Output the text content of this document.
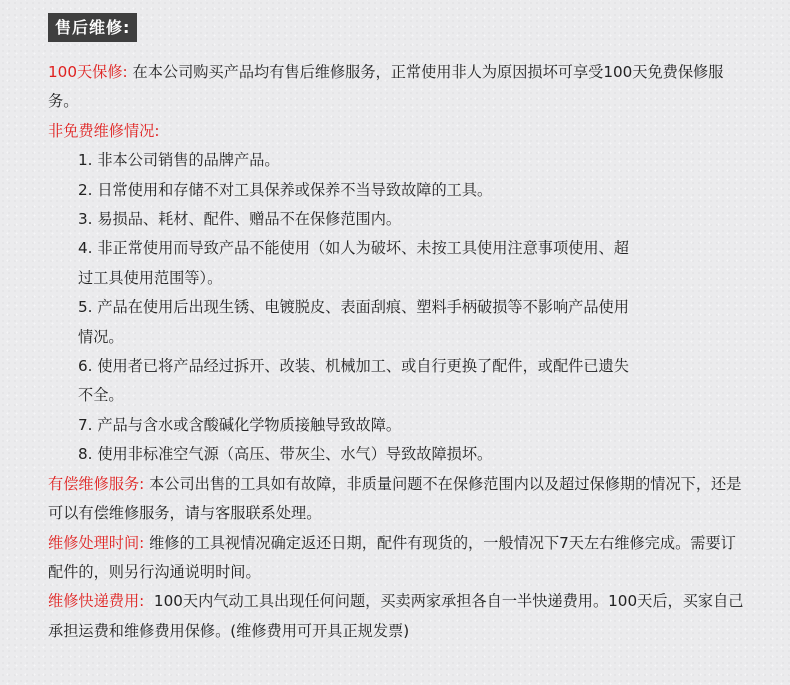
售后维修:

100天保修: 在本公司购买产品均有售后维修服务，正常使用非人为原因损坏可享受100天免费保修服务。

非免费维修情况:

1. 非本公司销售的品牌产品。
2. 日常使用和存储不对工具保养或保养不当导致故障的工具。
3. 易损品、耗材、配件、赠品不在保修范围内。
4. 非正常使用而导致产品不能使用（如人为破坏、未按工具使用注意事项使用、超
过工具使用范围等）。
5. 产品在使用后出现生锈、电镀脱皮、表面刮痕、塑料手柄破损等不影响产品使用
情况。
6. 使用者已将产品经过拆开、改装、机械加工、或自行更换了配件，或配件已遗失
不全。
7. 产品与含水或含酸碱化学物质接触导致故障。
8. 使用非标准空气源（高压、带灰尘、水气）导致故障损坏。

有偿维修服务: 本公司出售的工具如有故障，非质量问题不在保修范围内以及超过保修期的情况下，还是可以有偿维修服务，请与客服联系处理。

维修处理时间: 维修的工具视情况确定返还日期，配件有现货的，一般情况下7天左右维修完成。需要订配件的，则另行沟通说明时间。

维修快递费用: 100天内气动工具出现任何问题，买卖两家承担各自一半快递费用。100天后，买家自己承担运费和维修费用保修。(维修费用可开具正规发票)
